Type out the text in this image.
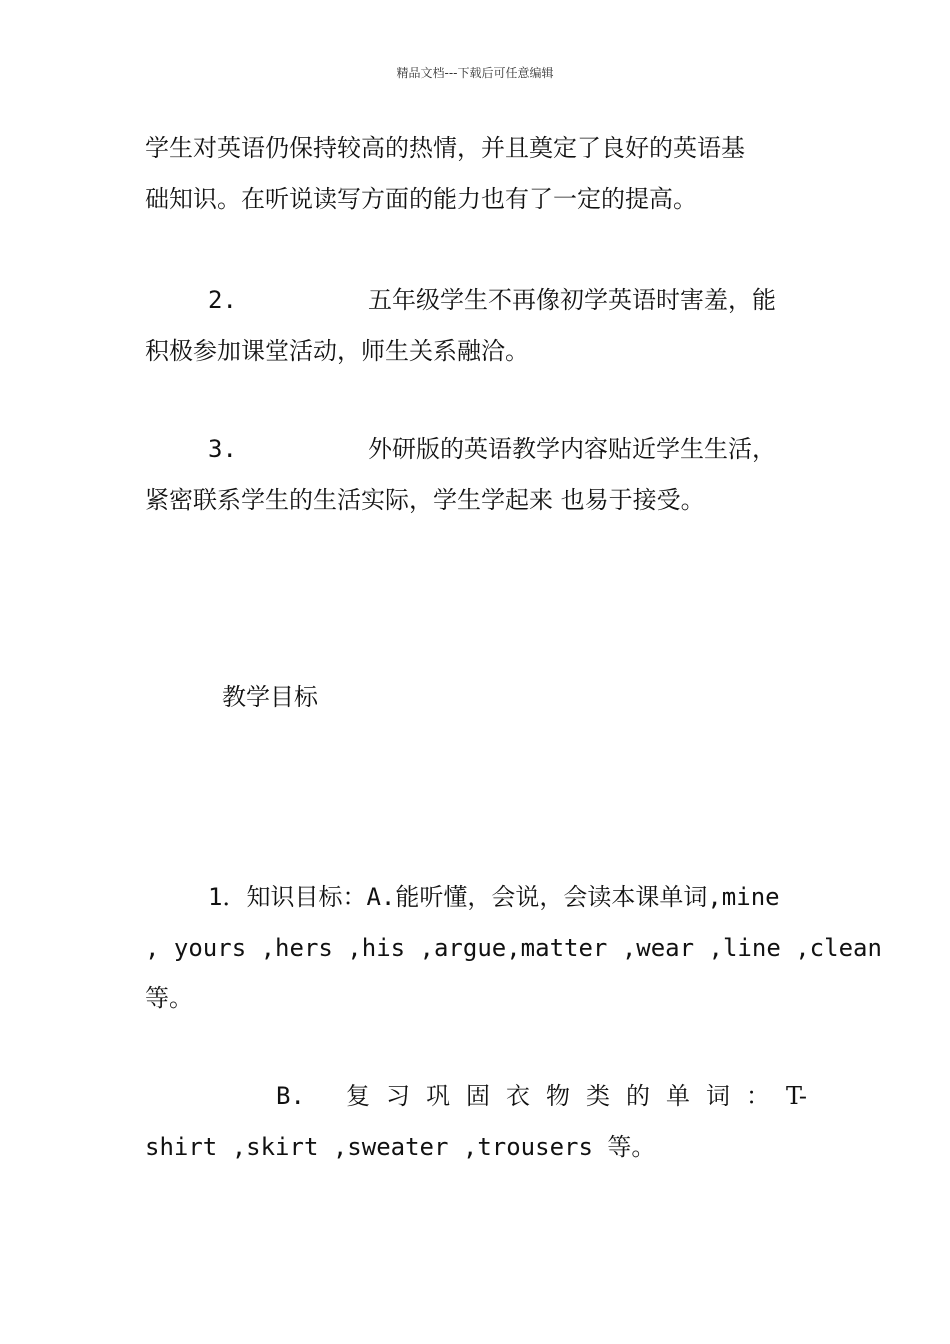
精品文档---下载后可任意编辑
学生对英语仍保持较高的热情，并且奠定了良好的英语基
础知识。在听说读写方面的能力也有了一定的提高。
2.	五年级学生不再像初学英语时害羞，能
积极参加课堂活动，师生关系融洽。
3.	外研版的英语教学内容贴近学生生活，
紧密联系学生的生活实际，学生学起来 也易于接受。
教学目标
1．知识目标：A.能听懂，会说，会读本课单词,mine
, yours ,hers ,his ,argue,matter ,wear ,line ,clean
等。
B. 复 习 巩 固 衣 物 类 的 单 词 ： T-
shirt ,skirt ,sweater ,trousers 等。
